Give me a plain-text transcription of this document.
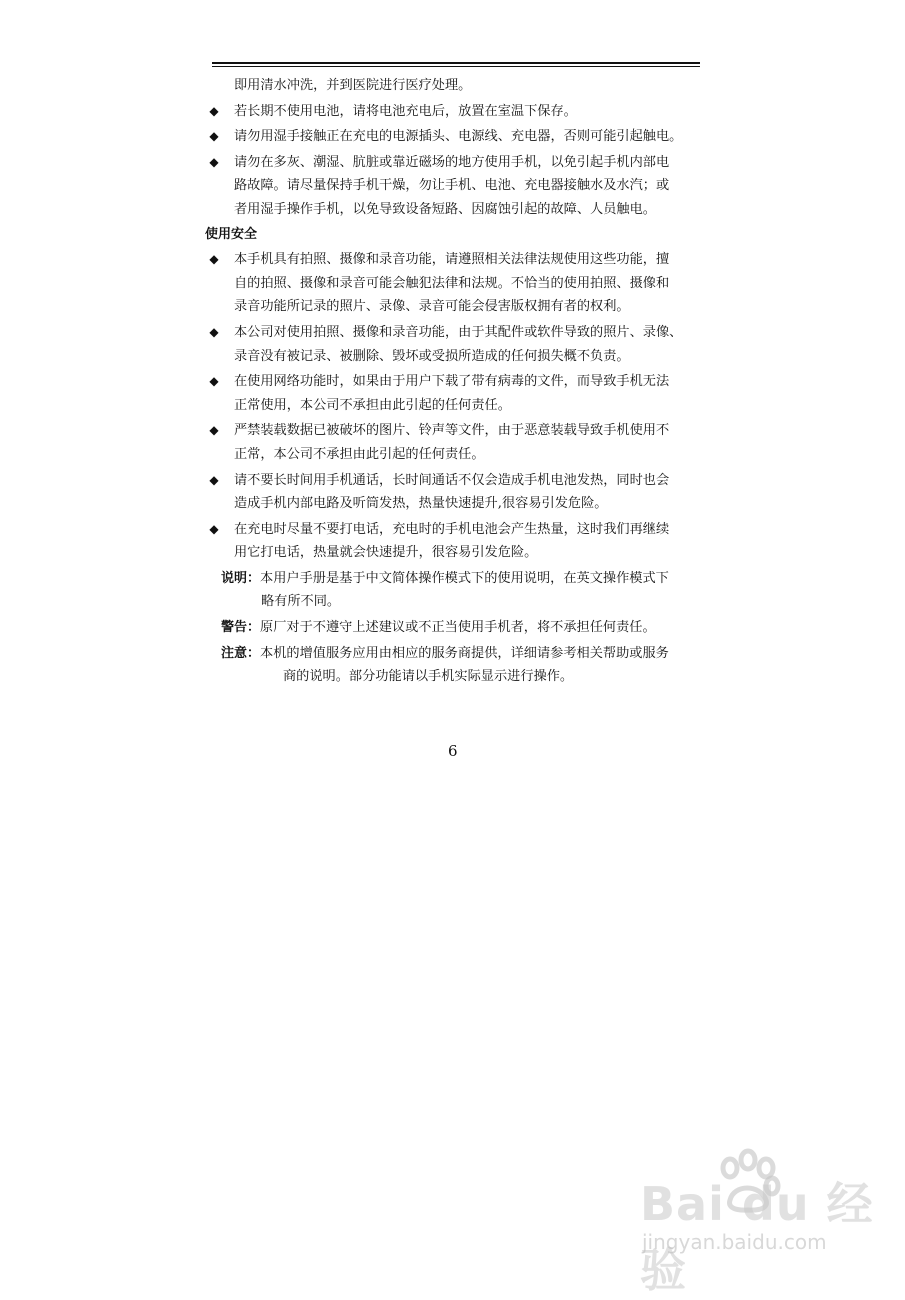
即用清水冲洗，并到医院进行医疗处理。
◆	若长期不使用电池，请将电池充电后，放置在室温下保存。
◆	请勿用湿手接触正在充电的电源插头、电源线、充电器，否则可能引起触电。
◆	请勿在多灰、潮湿、肮脏或靠近磁场的地方使用手机，以免引起手机内部电
路故障。请尽量保持手机干燥，勿让手机、电池、充电器接触水及水汽；或
者用湿手操作手机，以免导致设备短路、因腐蚀引起的故障、人员触电。
使用安全
◆	本手机具有拍照、摄像和录音功能，请遵照相关法律法规使用这些功能，擅
自的拍照、摄像和录音可能会触犯法律和法规。不恰当的使用拍照、摄像和
录音功能所记录的照片、录像、录音可能会侵害版权拥有者的权利。
◆	本公司对使用拍照、摄像和录音功能，由于其配件或软件导致的照片、录像、
录音没有被记录、被删除、毁坏或受损所造成的任何损失概不负责。
◆	在使用网络功能时，如果由于用户下载了带有病毒的文件，而导致手机无法
正常使用，本公司不承担由此引起的任何责任。
◆	严禁装载数据已被破坏的图片、铃声等文件，由于恶意装载导致手机使用不
正常，本公司不承担由此引起的任何责任。
◆	请不要长时间用手机通话，长时间通话不仅会造成手机电池发热，同时也会
造成手机内部电路及听筒发热，热量快速提升,很容易引发危险。
◆	在充电时尽量不要打电话，充电时的手机电池会产生热量，这时我们再继续
用它打电话，热量就会快速提升，很容易引发危险。
说明：本用户手册是基于中文简体操作模式下的使用说明，在英文操作模式下
略有所不同。
警告：原厂对于不遵守上述建议或不正当使用手机者，将不承担任何责任。
注意：本机的增值服务应用由相应的服务商提供，详细请参考相关帮助或服务
商的说明。部分功能请以手机实际显示进行操作。
6
Bai du 经验
jingyan.baidu.com
